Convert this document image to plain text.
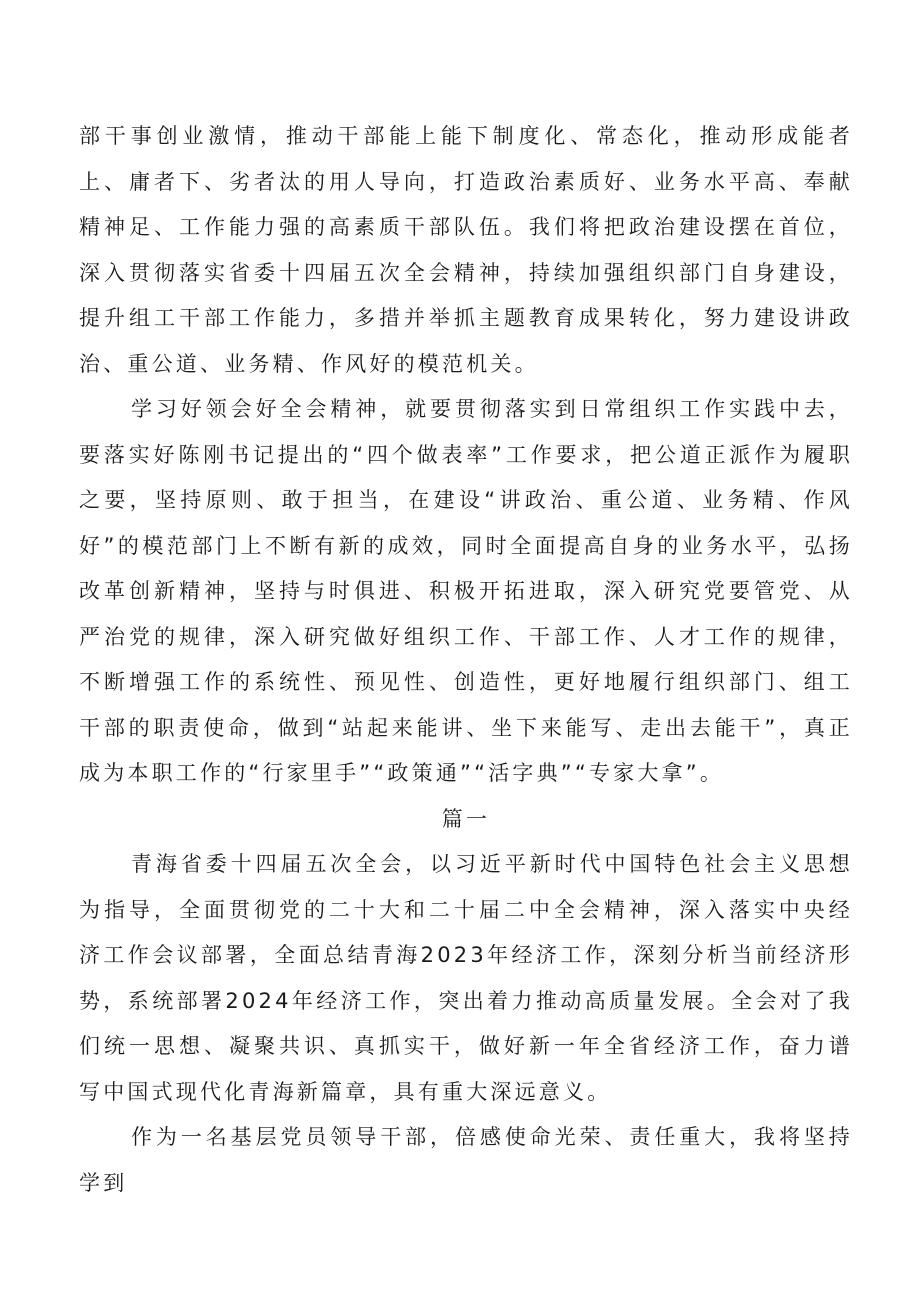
部干事创业激情，推动干部能上能下制度化、常态化，推动形成能者上、庸者下、劣者汰的用人导向，打造政治素质好、业务水平高、奉献精神足、工作能力强的高素质干部队伍。我们将把政治建设摆在首位，深入贯彻落实省委十四届五次全会精神，持续加强组织部门自身建设，提升组工干部工作能力，多措并举抓主题教育成果转化，努力建设讲政治、重公道、业务精、作风好的模范机关。

学习好领会好全会精神，就要贯彻落实到日常组织工作实践中去，要落实好陈刚书记提出的“四个做表率”工作要求，把公道正派作为履职之要，坚持原则、敢于担当，在建设“讲政治、重公道、业务精、作风好”的模范部门上不断有新的成效，同时全面提高自身的业务水平，弘扬改革创新精神，坚持与时俱进、积极开拓进取，深入研究党要管党、从严治党的规律，深入研究做好组织工作、干部工作、人才工作的规律，不断增强工作的系统性、预见性、创造性，更好地履行组织部门、组工干部的职责使命，做到“站起来能讲、坐下来能写、走出去能干”，真正成为本职工作的“行家里手”“政策通”“活字典”“专家大拿”。

篇一

青海省委十四届五次全会，以习近平新时代中国特色社会主义思想为指导，全面贯彻党的二十大和二十届二中全会精神，深入落实中央经济工作会议部署，全面总结青海2023年经济工作，深刻分析当前经济形势，系统部署2024年经济工作，突出着力推动高质量发展。全会对了我们统一思想、凝聚共识、真抓实干，做好新一年全省经济工作，奋力谱写中国式现代化青海新篇章，具有重大深远意义。

作为一名基层党员领导干部，倍感使命光荣、责任重大，我将坚持学到
